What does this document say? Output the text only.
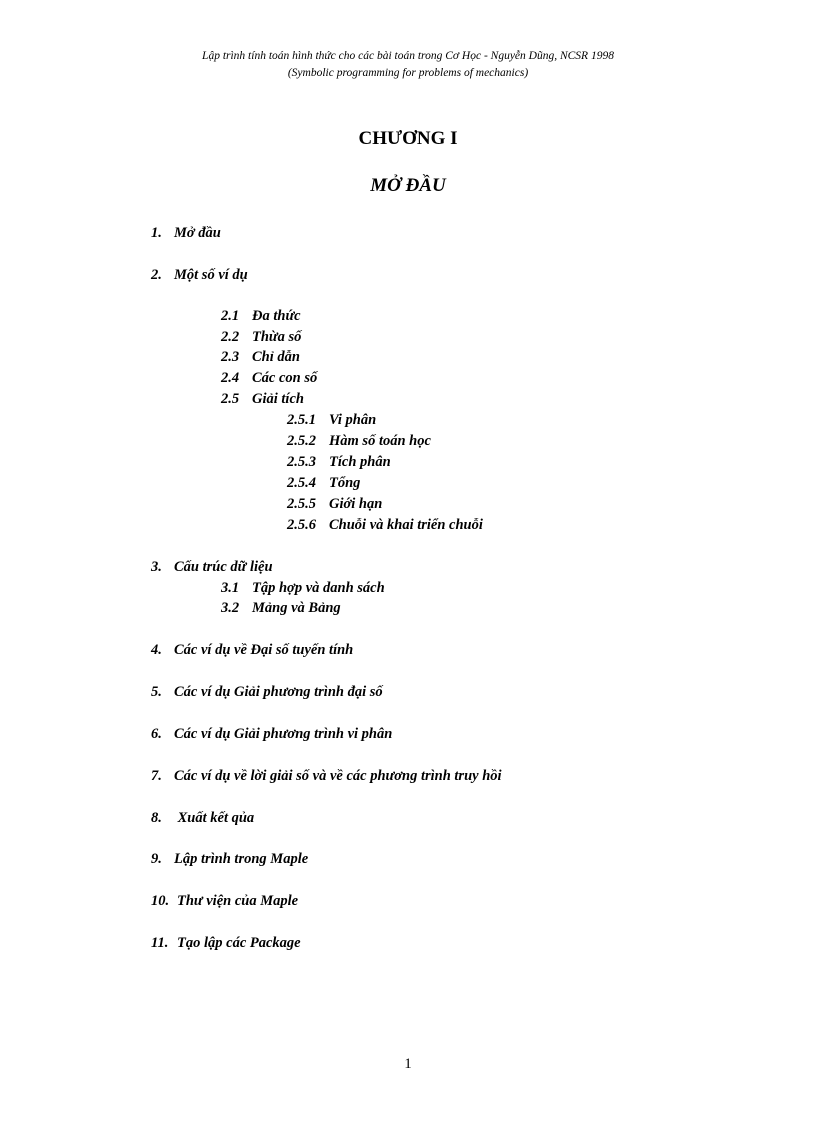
Lập trình tính toán hình thức cho các bài toán trong Cơ Học - Nguyễn Dũng, NCSR 1998
(Symbolic programming for problems of mechanics)
CHƯƠNG I
MỞ ĐẦU
1. Mở đầu
2. Một số ví dụ
2.1 Đa thức
2.2 Thừa số
2.3 Chỉ dẫn
2.4 Các con số
2.5 Giải tích
2.5.1 Vi phân
2.5.2 Hàm số toán học
2.5.3 Tích phân
2.5.4 Tổng
2.5.5 Giới hạn
2.5.6 Chuỗi và khai triển chuỗi
3. Cấu trúc dữ liệu
3.1 Tập hợp và danh sách
3.2 Mảng và Bảng
4. Các ví dụ về Đại số tuyến tính
5. Các ví dụ Giải phương trình đại số
6. Các ví dụ Giải phương trình vi phân
7. Các ví dụ về lời giải số và về các phương trình truy hồi
8. Xuất kết qủa
9. Lập trình trong Maple
10. Thư viện của Maple
11. Tạo lập các Package
1
